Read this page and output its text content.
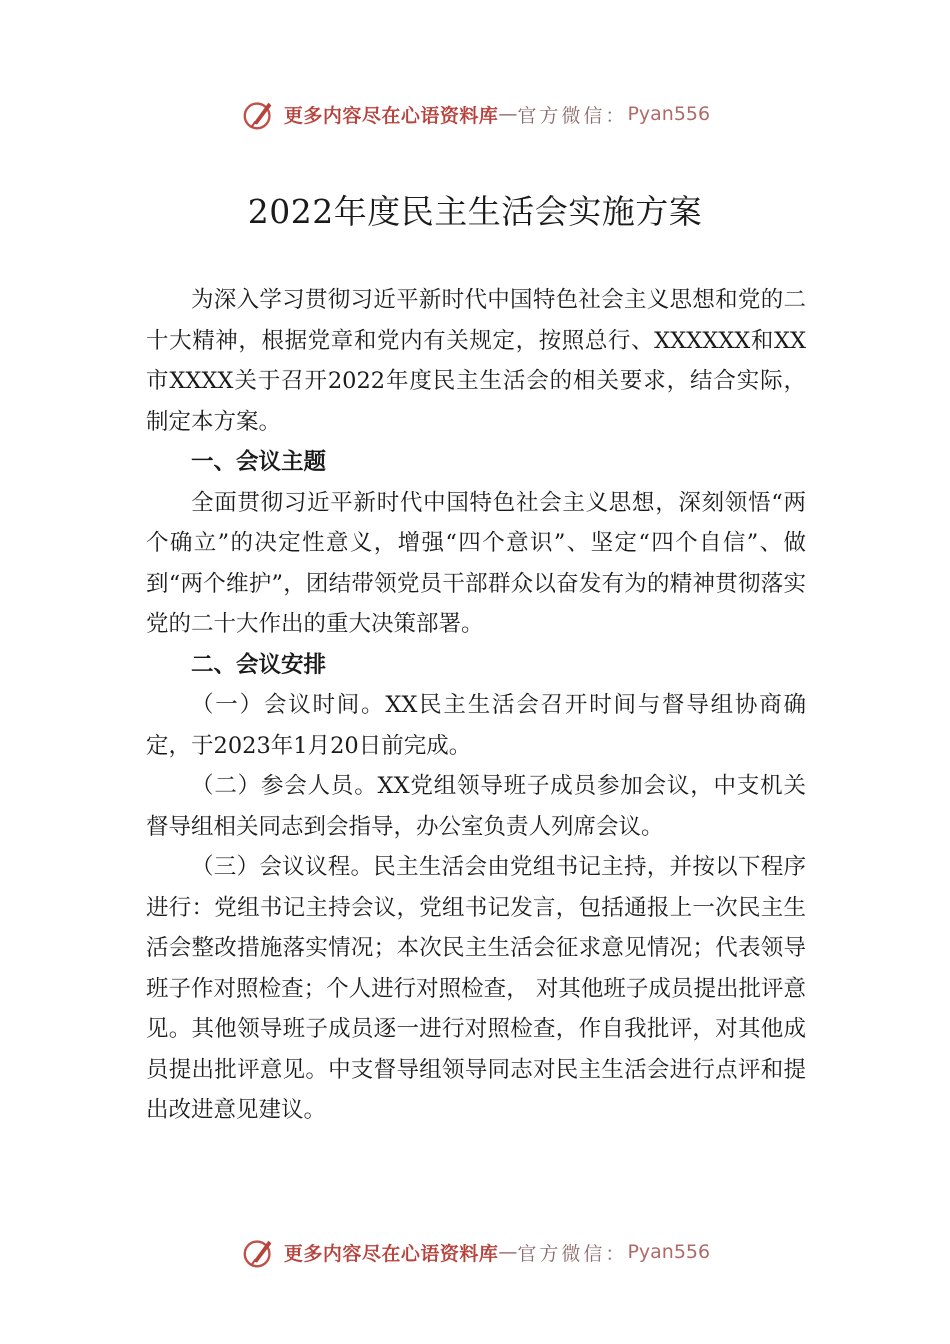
更多内容尽在心语资料库 — 官方微信： Pyan556
2022年度民主生活会实施方案

为深入学习贯彻习近平新时代中国特色社会主义思想和党的二十大精神，根据党章和党内有关规定，按照总行、XXXXXX和XX市XXXX关于召开2022年度民主生活会的相关要求，结合实际，制定本方案。

一、会议主题

全面贯彻习近平新时代中国特色社会主义思想，深刻领悟“两个确立”的决定性意义，增强“四个意识”、坚定“四个自信”、做到“两个维护”，团结带领党员干部群众以奋发有为的精神贯彻落实党的二十大作出的重大决策部署。

二、会议安排

（一）会议时间。XX民主生活会召开时间与督导组协商确定，于2023年1月20日前完成。

（二）参会人员。XX党组领导班子成员参加会议，中支机关督导组相关同志到会指导，办公室负责人列席会议。

（三）会议议程。民主生活会由党组书记主持，并按以下程序进行：党组书记主持会议，党组书记发言，包括通报上一次民主生活会整改措施落实情况；本次民主生活会征求意见情况；代表领导班子作对照检查；个人进行对照检查， 对其他班子成员提出批评意见。其他领导班子成员逐一进行对照检查，作自我批评，对其他成员提出批评意见。中支督导组领导同志对民主生活会进行点评和提出改进意见建议。

更多内容尽在心语资料库 — 官方微信： Pyan556
